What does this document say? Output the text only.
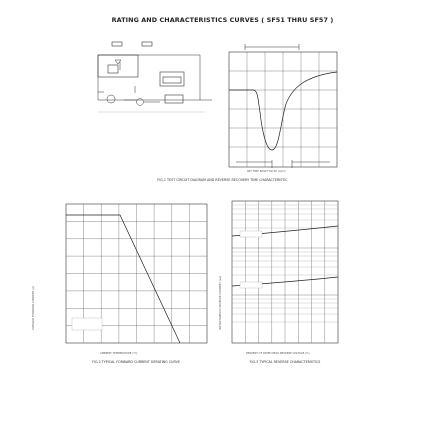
RATING AND CHARACTERISTICS CURVES ( SF51 THRU SF57 )
SET TIME BASE FOR 50 ns/cm
FIG.1 TEST CIRCUIT DIAGRAM AND REVERSE RECOVERY TIME CHARACTERISTIC
AVERAGE FORWARD CURRENT (A)
AMBIENT TEMPERATURE (°C)
FIG.2 TYPICAL FORWARD CURRENT DERATING CURVE
INSTANTANEOUS REVERSE CURRENT (uA)
PERCENT OF RATED PEAK REVERSE VOLTAGE (%)
FIG.3 TYPICAL REVERSE CHARACTERISTICS
